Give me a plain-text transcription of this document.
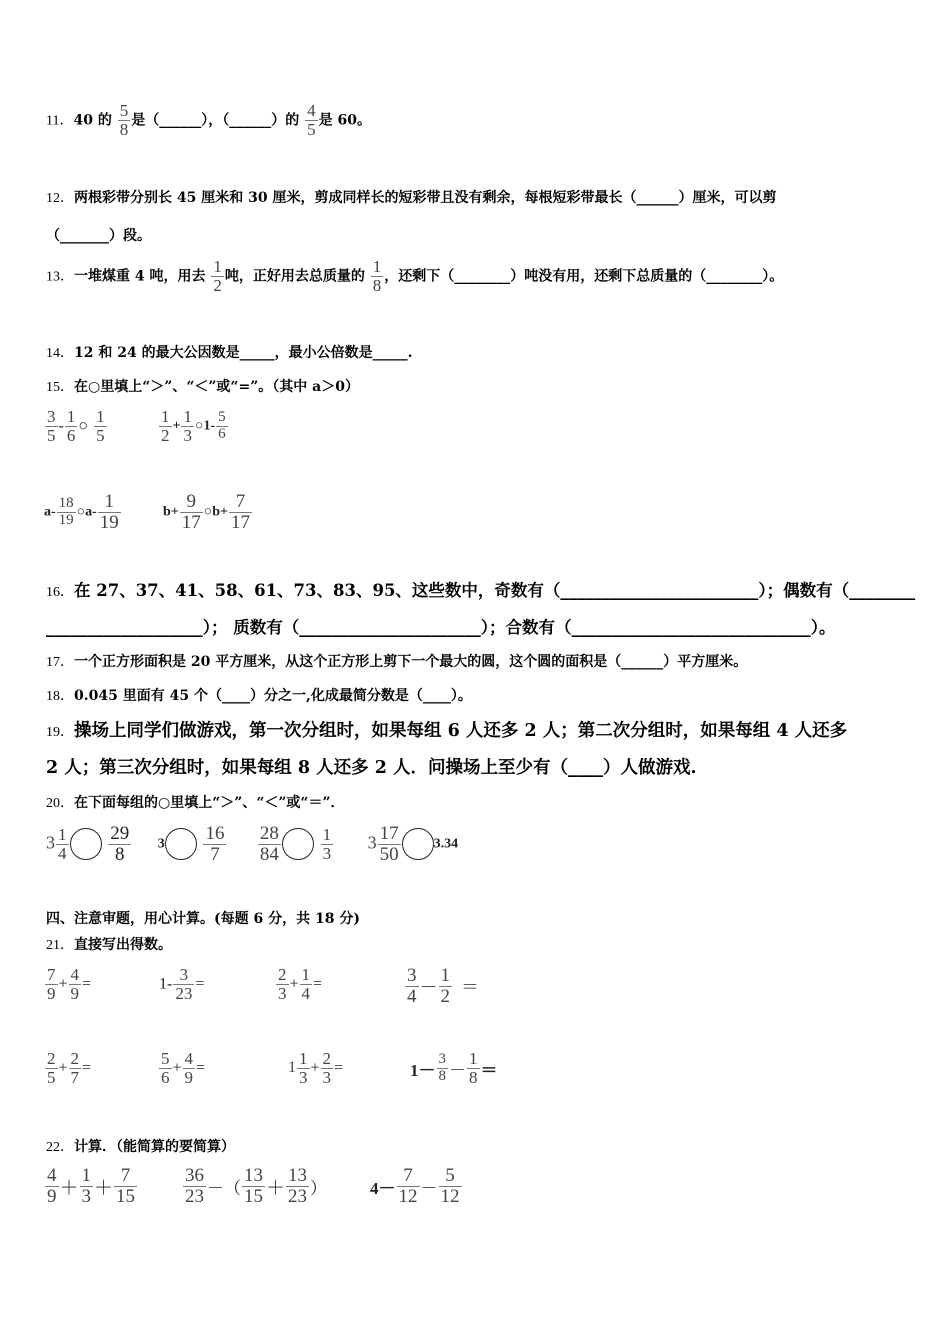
11．40 的 $\frac{5}{8}$ 是（______），（______）的 $\frac{4}{5}$ 是 60。
12．两根彩带分别长 45 厘米和 30 厘米，剪成同样长的短彩带且没有剩余，每根短彩带最长（______）厘米，可以剪
（_______）段。
13．一堆煤重 4 吨，用去 $\frac{1}{2}$ 吨，正好用去总质量的 $\frac{1}{8}$ ，还剩下（________）吨没有用，还剩下总质量的（________）。
14．12 和 24 的最大公因数是_____，最小公倍数是_____.
15．在○里填上“＞”、“＜”或“=”。（其中 a＞0）
$\frac{3}{5} - \frac{1}{6}$ ○ $\frac{1}{5}$	$\frac{1}{2} + \frac{1}{3}$ ○1- $\frac{5}{6}$
$a- \frac{18}{19}$ ○a- $\frac{1}{19}$	$b+ \frac{9}{17}$ ○b+ $\frac{7}{17}$
16．在 27、37、41、58、61、73、83、95、这些数中，奇数有（________________________）；偶数有（________
___________________）； 质数有（______________________）；合数有（_____________________________）。
17．一个正方形面积是 20 平方厘米，从这个正方形上剪下一个最大的圆，这个圆的面积是（______）平方厘米。
18．0.045 里面有 45 个（____）分之一,化成最简分数是（____）。
19．操场上同学们做游戏，第一次分组时，如果每组 6 人还多 2 人；第二次分组时，如果每组 4 人还多
2 人；第三次分组时，如果每组 8 人还多 2 人．问操场上至少有（____）人做游戏.
20．在下面每组的○里填上“＞”、“＜”或“＝”．
$3 \frac{1}{4}$
$\frac{29}{8} 3 \frac{16}{7}$
$\frac{28}{84}$
$\frac{1}{3} 3 \frac{17}{50} 3.34$
四、注意审题，用心计算。(每题 6 分，共 18 分)
21．直接写出得数。
$\frac{7}{9} + \frac{4}{9}$ =	$1- \frac{3}{23}$ =	$\frac{2}{3} + \frac{1}{4}$ =	$\frac{3}{4} - \frac{1}{2}$ ＝
$\frac{2}{5} + \frac{2}{7}$ =	$\frac{5}{6} + \frac{4}{9}$ =	$1 \frac{1}{3} + \frac{2}{3}$ =	$1- \frac{3}{8} - \frac{1}{8}$ ＝
22．计算．（能简算的要简算）
$\frac{4}{9} + \frac{1}{3} + \frac{7}{15} \frac{36}{23}$ －（ $\frac{13}{15} + \frac{13}{23}$ ）	$4- \frac{7}{12} - \frac{5}{12}$
